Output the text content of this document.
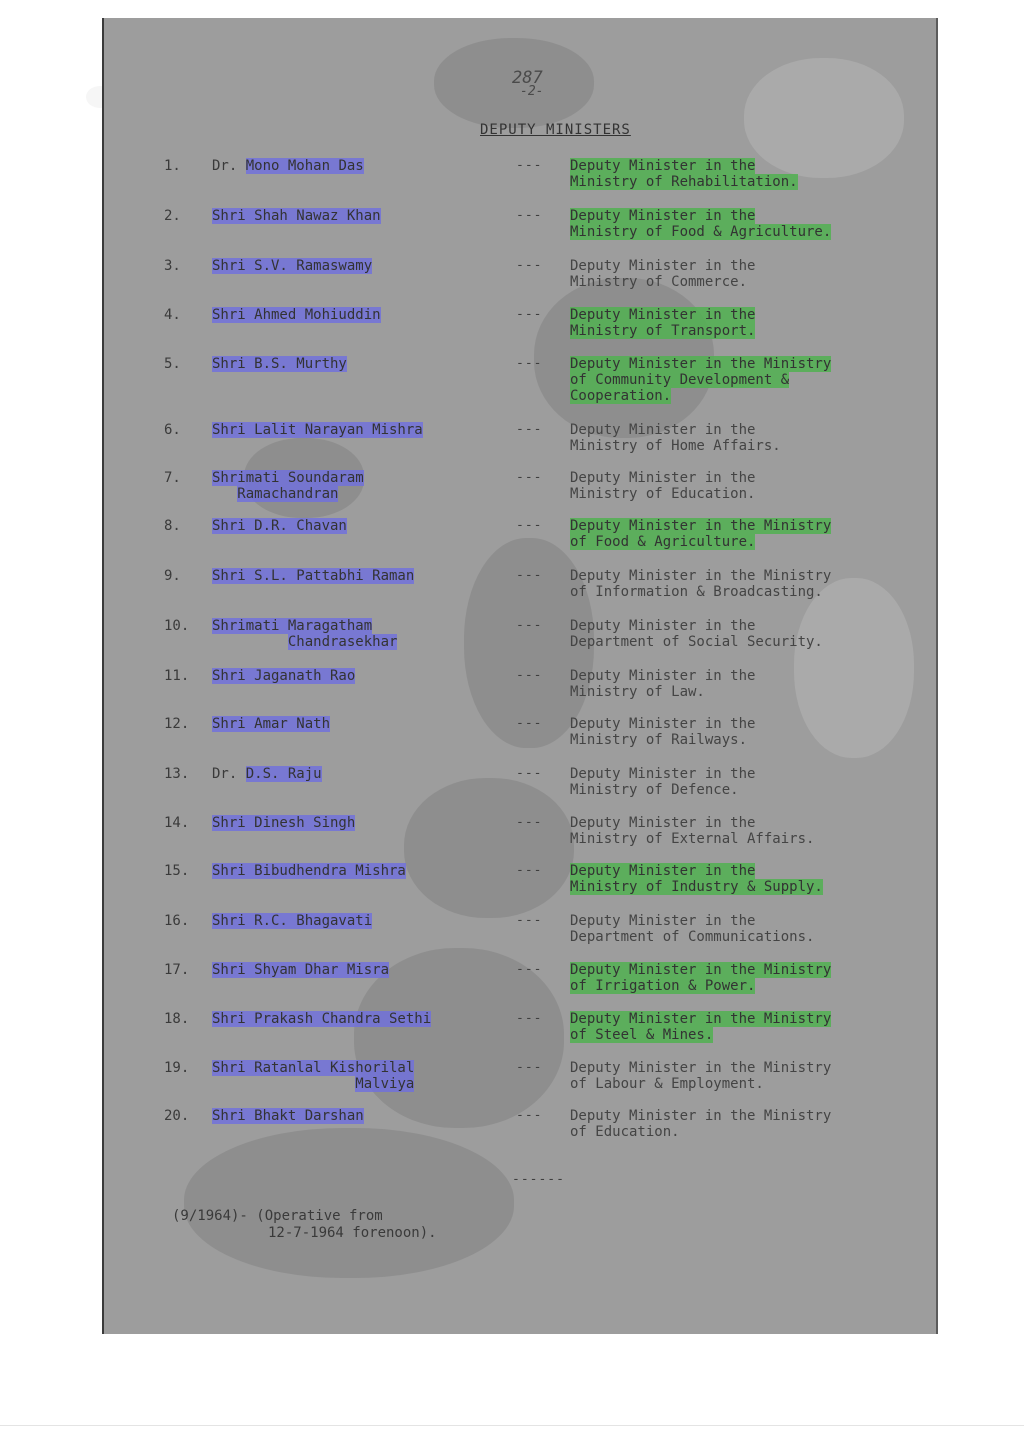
287
-2-
DEPUTY MINISTERS
1. Dr. Mono Mohan Das	--- Deputy Minister in the
Ministry of Rehabilitation.
2. Shri Shah Nawaz Khan	--- Deputy Minister in the
Ministry of Food & Agriculture.
3. Shri S.V. Ramaswamy	--- Deputy Minister in the
Ministry of Commerce.
4. Shri Ahmed Mohiuddin	--- Deputy Minister in the
Ministry of Transport.
5. Shri B.S. Murthy	--- Deputy Minister in the Ministry
of Community Development &
Cooperation.
6. Shri Lalit Narayan Mishra	--- Deputy Minister in the
Ministry of Home Affairs.
7. Shrimati Soundaram
Ramachandran
--- Deputy Minister in the
Ministry of Education.
8. Shri D.R. Chavan	--- Deputy Minister in the Ministry
of Food & Agriculture.
9. Shri S.L. Pattabhi Raman	--- Deputy Minister in the Ministry
of Information & Broadcasting.
10. Shrimati Maragatham
Chandrasekhar
--- Deputy Minister in the
Department of Social Security.
11. Shri Jaganath Rao	--- Deputy Minister in the
Ministry of Law.
12. Shri Amar Nath	--- Deputy Minister in the
Ministry of Railways.
13. Dr. D.S. Raju	--- Deputy Minister in the
Ministry of Defence.
14. Shri Dinesh Singh	--- Deputy Minister in the
Ministry of External Affairs.
15. Shri Bibudhendra Mishra	--- Deputy Minister in the
Ministry of Industry & Supply.
16. Shri R.C. Bhagavati	--- Deputy Minister in the
Department of Communications.
17. Shri Shyam Dhar Misra	--- Deputy Minister in the Ministry
of Irrigation & Power.
18. Shri Prakash Chandra Sethi	--- Deputy Minister in the Ministry
of Steel & Mines.
19. Shri Ratanlal Kishorilal
Malviya
--- Deputy Minister in the Ministry
of Labour & Employment.
20. Shri Bhakt Darshan	--- Deputy Minister in the Ministry
of Education.
------
(9/1964)- (Operative from
12-7-1964 forenoon).
